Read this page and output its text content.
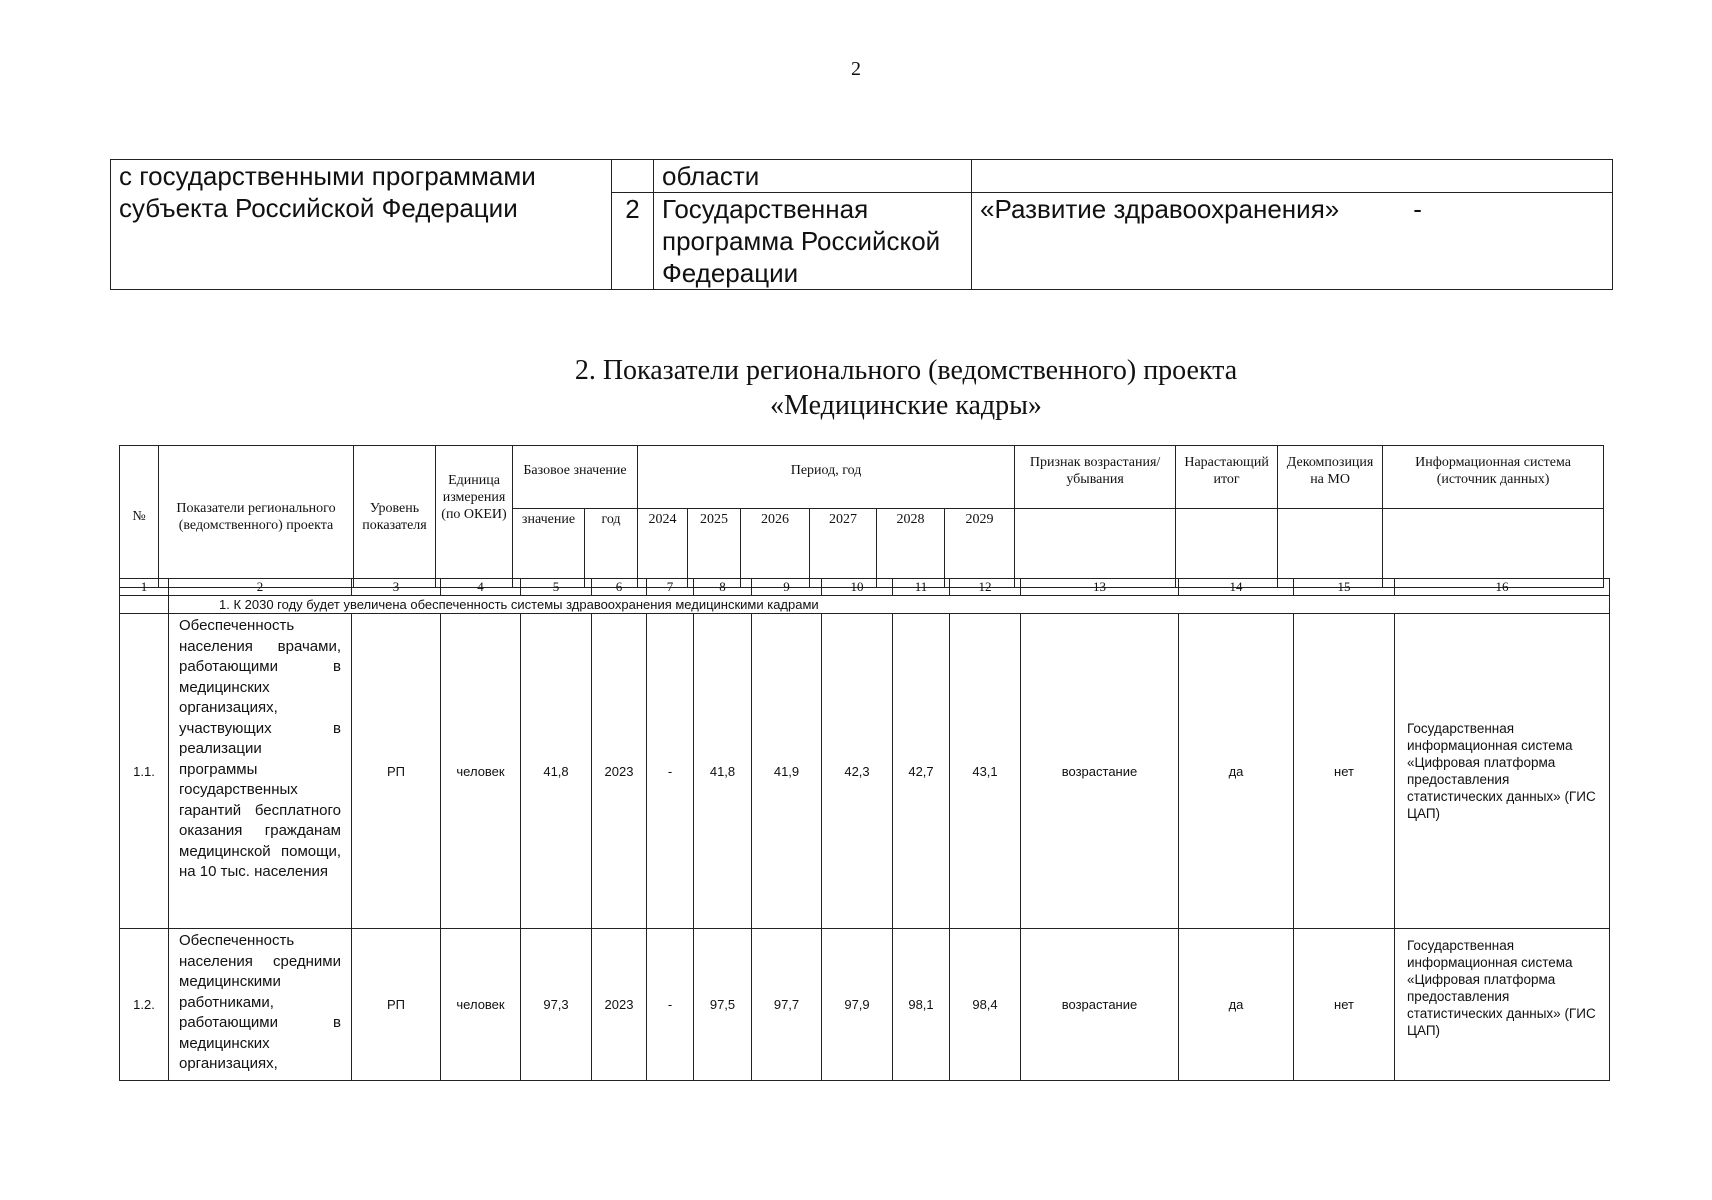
2
с государственными программами субъекта Российской Федерации		области	
	2	Государственная программа Российской Федерации	«Развитие здравоохранения» -
2. Показатели регионального (ведомственного) проекта
«Медицинские кадры»
№	Показатели регионального (ведомственного) проекта	Уровень показателя	Единица измерения (по ОКЕИ)	Базовое значение		Период, год						Признак возрастания/убывания	Нарастающий итог	Декомпозиция на МО	Информационная система (источник данных)
				значение	год	2024	2025	2026	2027	2028	2029				
1	2	3	4	5	6	7	8	9	10	11	12	13	14	15	16
	1. К 2030 году будет увеличена обеспеченность системы здравоохранения медицинскими кадрами														
1.1.	Обеспеченность населения врачами, работающими в медицинских организациях, участвующих в реализации программы государственных гарантий бесплатного оказания гражданам медицинской помощи, на 10 тыс. населения	РП	человек	41,8	2023	-	41,8	41,9	42,3	42,7	43,1	возрастание	да	нет	Государственная информационная система «Цифровая платформа предоставления статистических данных» (ГИС ЦАП)
1.2.	Обеспеченность населения средними медицинскими работниками, работающими в медицинских организациях,	РП	человек	97,3	2023	-	97,5	97,7	97,9	98,1	98,4	возрастание	да	нет	Государственная информационная система «Цифровая платформа предоставления статистических данных» (ГИС ЦАП)
